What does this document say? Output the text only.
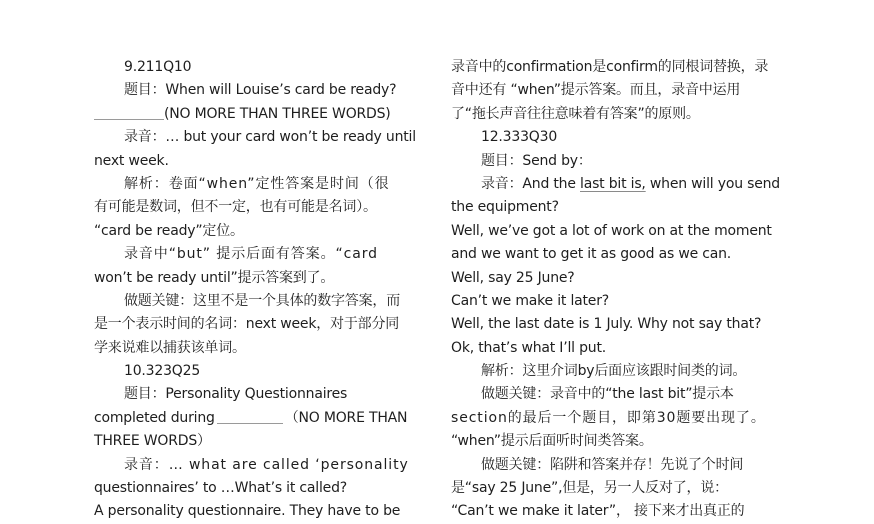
9.211Q10
题目：When will Louise’s card be ready?
(NO MORE THAN THREE WORDS)
录音：… but your card won’t be ready until
next week.
解析：卷面“when”定性答案是时间（很
有可能是数词，但不一定，也有可能是名词）。
“card be ready”定位。
录音中“but” 提示后面有答案。“card
won’t be ready until”提示答案到了。
做题关键：这里不是一个具体的数字答案，而
是一个表示时间的名词：next week，对于部分同
学来说难以捕获该单词。
10.323Q25
题目：Personality Questionnaires
completed during	（NO MORE THAN
THREE WORDS）
录音：… what are called ‘personality
questionnaires’ to …What’s it called?
A personality questionnaire. They have to be
录音中的confirmation是confirm的同根词替换，录
音中还有 “when”提示答案。而且，录音中运用
了“拖长声音往往意味着有答案”的原则。
12.333Q30
题目：Send by：
录音：And the last bit is, when will you send
the equipment?
Well, we’ve got a lot of work on at the moment
and we want to get it as good as we can.
Well, say 25 June?
Can’t we make it later?
Well, the last date is 1 July. Why not say that?
Ok, that’s what I’ll put.
解析：这里介词by后面应该跟时间类的词。
做题关键：录音中的“the last bit”提示本
section的最后一个题目，即第30题要出现了。
“when”提示后面听时间类答案。
做题关键：陷阱和答案并存！先说了个时间
是“say 25 June”,但是，另一人反对了，说：
“Can’t we make it later”， 接下来才出真正的
